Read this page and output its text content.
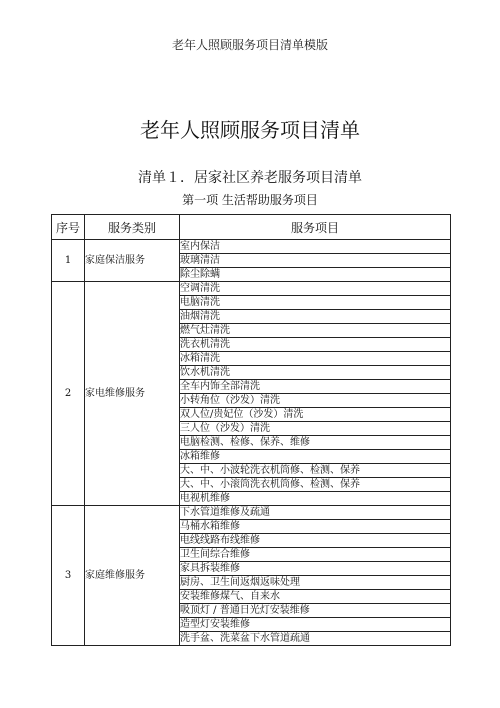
老年人照顾服务项目清单模版
老年人照顾服务项目清单
清单１．居家社区养老服务项目清单
第一项 生活帮助服务项目
序号	服务类别	服务项目
1	家庭保洁服务	室内保洁
		玻璃清洁
		除尘除螨
2	家电维修服务	空调清洗
		电脑清洗
		油烟清洗
		燃气灶清洗
		洗衣机清洗
		冰箱清洗
		饮水机清洗
		全车内饰全部清洗
		小转角位（沙发）清洗
		双人位/贵妃位（沙发）清洗
		三人位（沙发）清洗
		电脑检测、检修、保养、维修
		冰箱维修
		大、中、小波轮洗衣机筒修、检测、保养
		大、中、小滚筒洗衣机筒修、检测、保养
		电视机维修
3	家庭维修服务	下水管道维修及疏通
		马桶水箱维修
		电线线路布线维修
		卫生间综合维修
		家具拆装维修
		厨房、卫生间返烟返味处理
		安装维修煤气、自来水
		吸顶灯 / 普通日光灯安装维修
		造型灯安装维修
		洗手盆、洗菜盆下水管道疏通
